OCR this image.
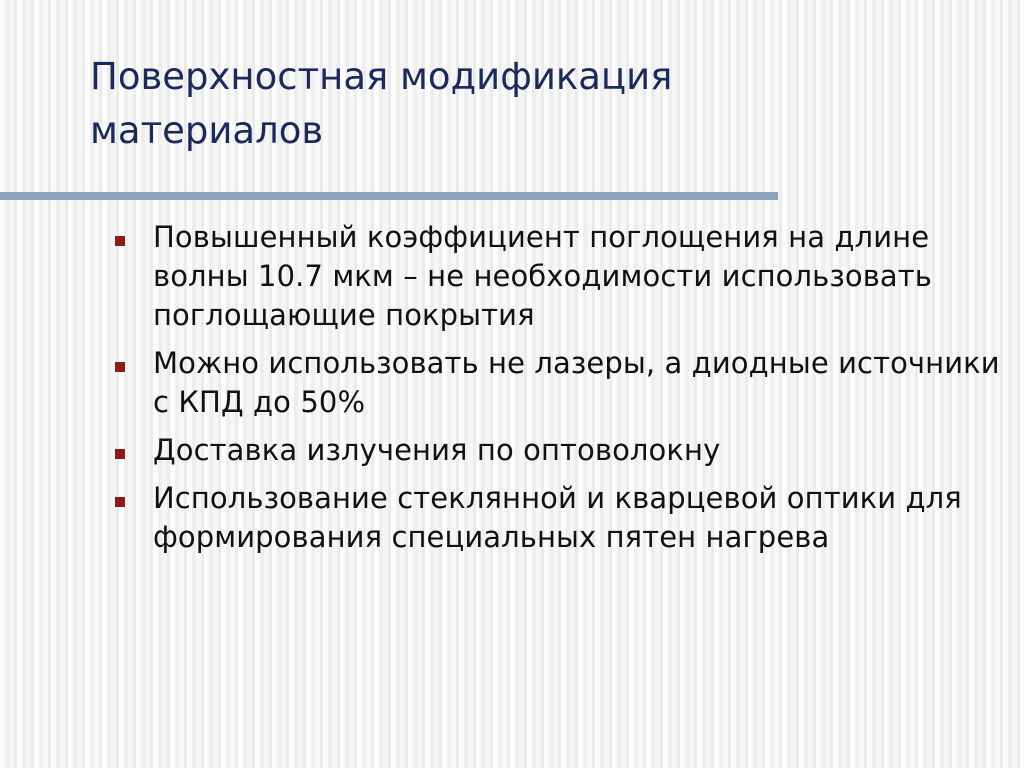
Поверхностная модификация материалов
Повышенный коэффициент поглощения на длине волны 10.7 мкм – не необходимости использовать поглощающие покрытия
Можно использовать не лазеры, а диодные источники с КПД до 50%
Доставка излучения по оптоволокну
Использование стеклянной и кварцевой оптики для формирования специальных пятен нагрева
